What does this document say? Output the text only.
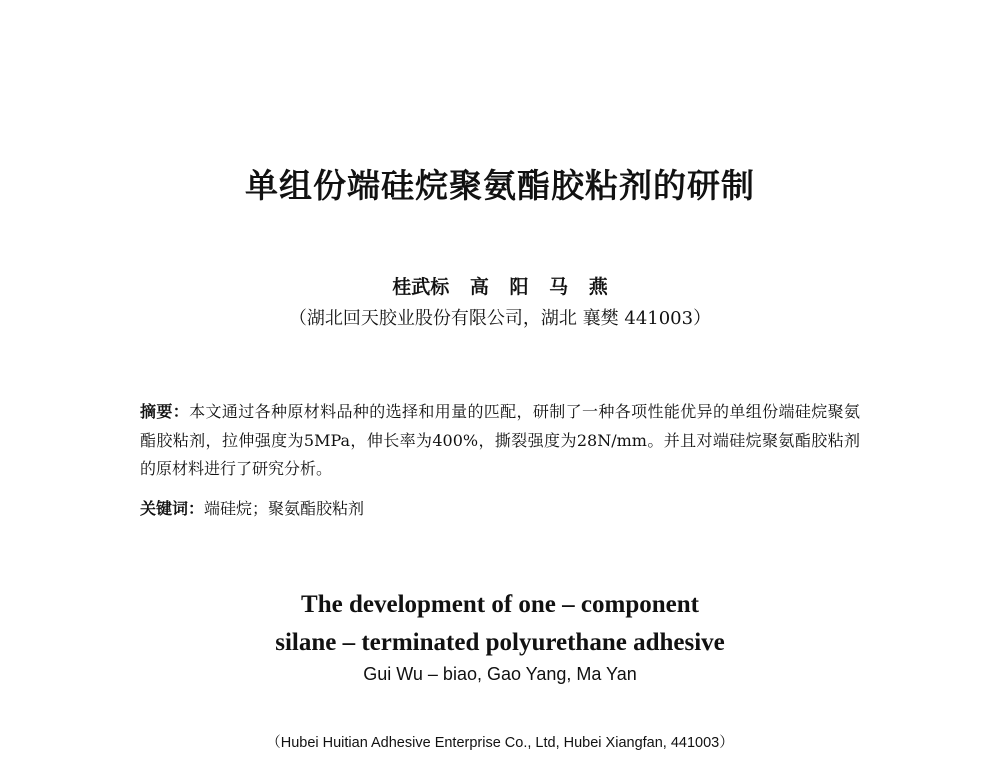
单组份端硅烷聚氨酯胶粘剂的研制
桂武标 高 阳 马 燕
（湖北回天胶业股份有限公司，湖北 襄樊 441003）
摘要：本文通过各种原材料品种的选择和用量的匹配，研制了一种各项性能优异的单组份端硅烷聚氨酯胶粘剂，拉伸强度为5MPa，伸长率为400%，撕裂强度为28N/mm。并且对端硅烷聚氨酯胶粘剂的原材料进行了研究分析。
关键词：端硅烷；聚氨酯胶粘剂
The development of one – component
silane – terminated polyurethane adhesive
Gui Wu – biao, Gao Yang, Ma Yan
（Hubei Huitian Adhesive Enterprise Co., Ltd, Hubei Xiangfan, 441003）
